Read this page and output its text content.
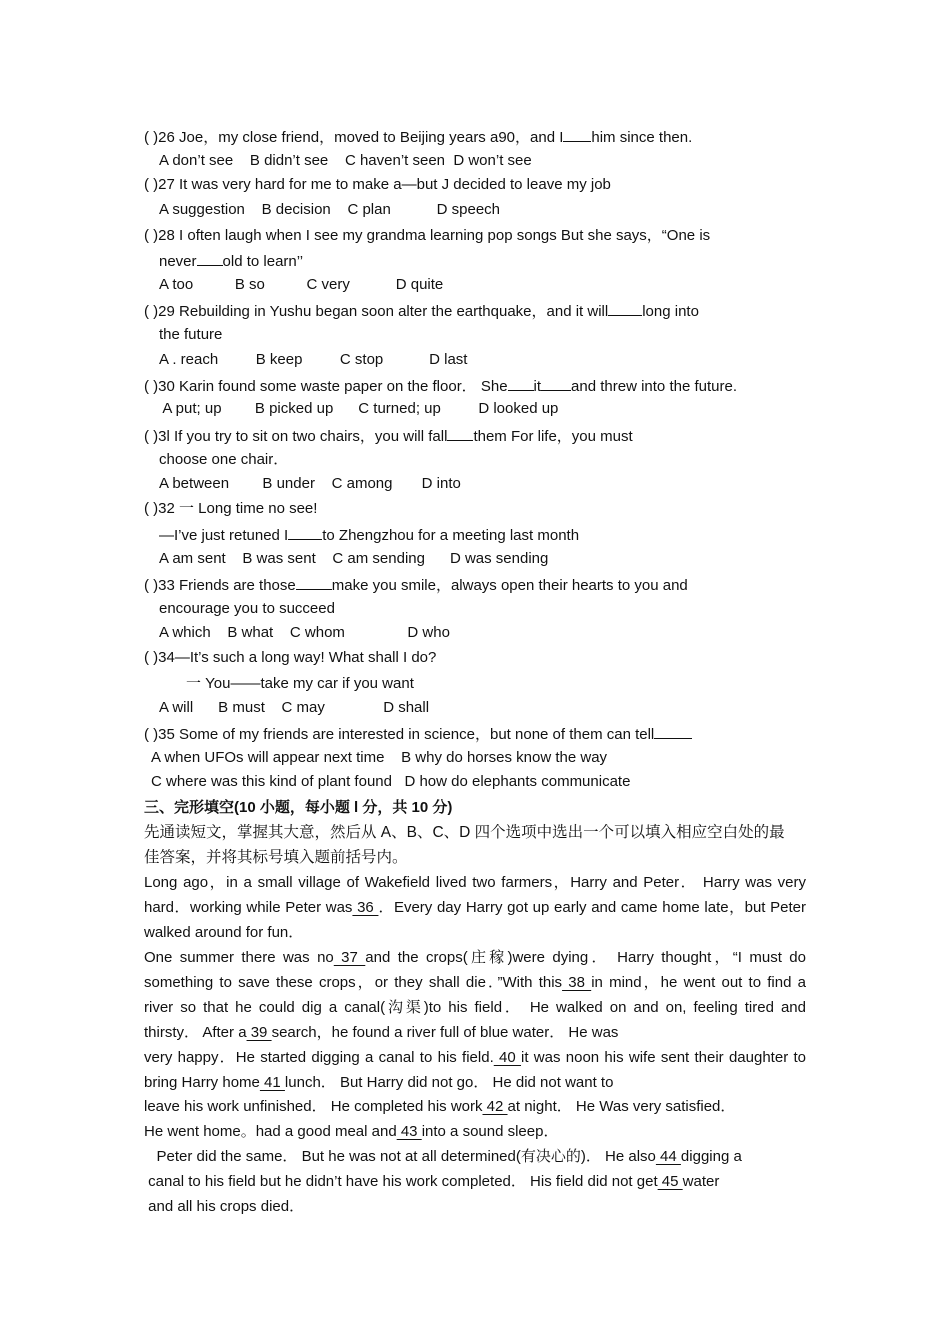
( )26 Joe，my close friend，moved to Beijing years a90，and I him since then.
A don’t see    B didn’t see    C haven’t seen  D won’t see
( )27 It was very hard for me to make a—but J decided to leave my job
A suggestion    B decision    C plan           D speech
( )28 I often laugh when I see my grandma learning pop songs But she says，“One is
never old to learn’’
A too          B so          C very           D quite
( )29 Rebuilding in Yushu began soon alter the earthquake，and it will long into
the future
A . reach         B keep         C stop           D last
( )30 Karin found some waste paper on the floor． She it and threw into the future.
A put; up        B picked up      C turned; up         D looked up
( )3l If you try to sit on two chairs，you will fall them For life，you must
choose one chair．
A between        B under    C among       D into
( )32 一 Long time no see!
—I’ve just retuned I to Zhengzhou for a meeting last month
A am sent    B was sent    C am sending      D was sending
( )33 Friends are those make you smile，always open their hearts to you and
encourage you to succeed
A which    B what    C whom               D who
( )34—It’s such a long way! What shall I do?
一 You——take my car if you want
A will      B must    C may              D shall
( )35 Some of my friends are interested in science，but none of them can tell
A when UFOs will appear next time    B why do horses know the way
C where was this kind of plant found   D how do elephants communicate
三、完形填空(10 小题，每小题 l 分，共 10 分)
先通读短文，掌握其大意，然后从 A、B、C、D 四个选项中选出一个可以填入相应空白处的最
佳答案，并将其标号填入题前括号内。
Long ago，in a small village of Wakefield lived two farmers，Harry and Peter． Harry was very
hard．working while Peter was 36 ．Every day Harry got up early and came home late，but Peter
walked around for fun．
One summer there was no 37 and the crops(庄稼)were dying． Harry thought，“I must do
something to save these crops，or they shall die．”With this 38 in mind，he went out to find a
river so that he could dig a canal(沟渠)to his field． He walked on and on, feeling tired and
thirsty． After a 39 search，he found a river full of blue water． He was
very happy．He started digging a canal to his field. 40 it was noon his wife sent their daughter to
bring Harry home 41 lunch． But Harry did not go． He did not want to
leave his work unfinished． He completed his work 42 at night． He Was very satisfied．
He went home。had a good meal and 43 into a sound sleep．
Peter did the same． But he was not at all determined(有决心的)． He also 44 digging a
canal to his field but he didn’t have his work completed． His field did not get 45 water
and all his crops died．
